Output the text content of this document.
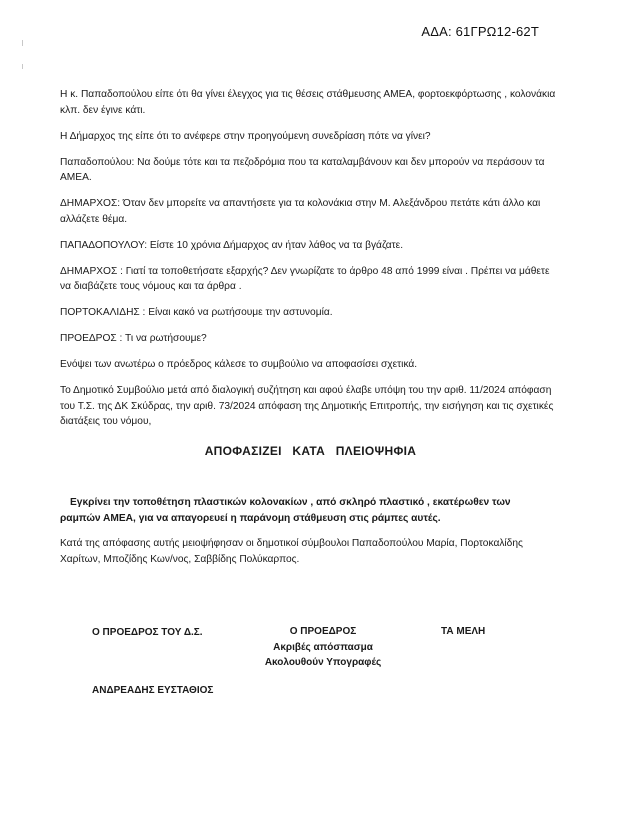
ΑΔΑ: 61ΓΡΩ12-62Τ

Η κ. Παπαδοπούλου είπε ότι θα γίνει έλεγχος για τις θέσεις στάθμευσης ΑΜΕΑ, φορτοεκφόρτωσης , κολονάκια κλπ. δεν έγινε κάτι.

Η Δήμαρχος της είπε ότι το ανέφερε στην προηγούμενη συνεδρίαση πότε να γίνει?

Παπαδοπούλου: Να δούμε τότε και τα πεζοδρόμια που τα καταλαμβάνουν και δεν μπορούν να περάσουν τα ΑΜΕΑ.

ΔΗΜΑΡΧΟΣ: Όταν δεν μπορείτε να απαντήσετε για τα κολονάκια στην Μ. Αλεξάνδρου πετάτε κάτι άλλο και αλλάζετε θέμα.

ΠΑΠΑΔΟΠΟΥΛΟΥ: Είστε 10 χρόνια Δήμαρχος αν ήταν λάθος να τα βγάζατε.

ΔΗΜΑΡΧΟΣ : Γιατί τα τοποθετήσατε εξαρχής? Δεν γνωρίζατε το άρθρο 48 από 1999 είναι . Πρέπει να μάθετε να διαβάζετε τους νόμους και τα άρθρα .

ΠΟΡΤΟΚΑΛΙΔΗΣ : Είναι κακό να ρωτήσουμε την αστυνομία.

ΠΡΟΕΔΡΟΣ : Τι να ρωτήσουμε?

Ενόψει των ανωτέρω ο πρόεδρος κάλεσε το συμβούλιο να αποφασίσει σχετικά.

Το Δημοτικό Συμβούλιο μετά από διαλογική συζήτηση και αφού έλαβε υπόψη του την αριθ. 11/2024 απόφαση του Τ.Σ. της ΔΚ Σκύδρας, την αριθ. 73/2024 απόφαση της Δημοτικής Επιτροπής, την εισήγηση και τις σχετικές διατάξεις του νόμου,

ΑΠΟΦΑΣΙΖΕΙ ΚΑΤΑ ΠΛΕΙΟΨΗΦΙΑ
Εγκρίνει την τοποθέτηση πλαστικών κολονακίων , από σκληρό πλαστικό , εκατέρωθεν των ραμπών ΑΜΕΑ, για να απαγορευεί η παράνομη στάθμευση στις ράμπες αυτές.
Κατά της απόφασης αυτής μειοψήφησαν οι δημοτικοί σύμβουλοι Παπαδοπούλου Μαρία, Πορτοκαλίδης Χαρίτων, Μποζίδης Κων/νος, Σαββίδης Πολύκαρπος.
Ο ΠΡΟΕΔΡΟΣ ΤΟΥ Δ.Σ.	Ο ΠΡΟΕΔΡΟΣ
Ακριβές απόσπασμα
Ακολουθούν Υπογραφές
ΤΑ ΜΕΛΗ
ΑΝΔΡΕΑΔΗΣ ΕΥΣΤΑΘΙΟΣ
